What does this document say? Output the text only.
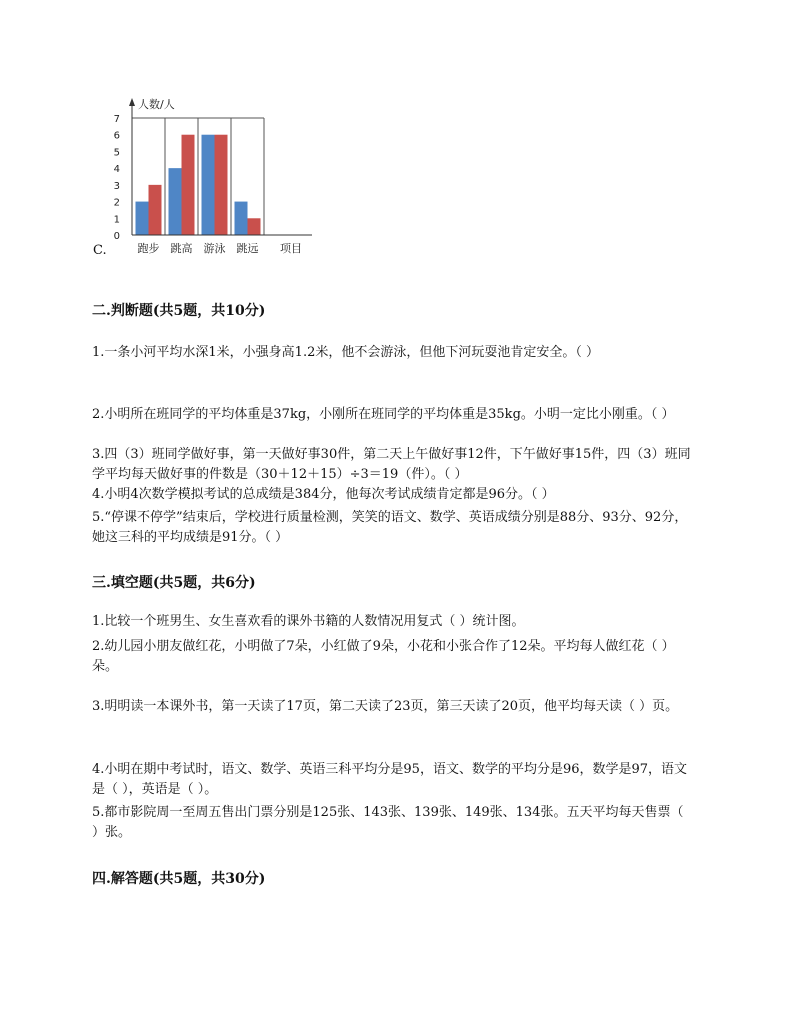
0
1
2
3
4
5
6
7
跑步 跳高 游泳 跳远
人数/人
项目
C.
二.判断题(共5题，共10分)

1.一条小河平均水深1米，小强身高1.2米，他不会游泳，但他下河玩耍池肯定安全。（ ）

2.小明所在班同学的平均体重是37kg，小刚所在班同学的平均体重是35kg。小明一定比小刚重。（ ）

3.四（3）班同学做好事，第一天做好事30件，第二天上午做好事12件，下午做好事15件，四（3）班同学平均每天做好事的件数是（30＋12＋15）÷3＝19（件）。（ ）

4.小明4次数学模拟考试的总成绩是384分，他每次考试成绩肯定都是96分。（ ）

5.“停课不停学”结束后，学校进行质量检测，笑笑的语文、数学、英语成绩分别是88分、93分、92分，她这三科的平均成绩是91分。（ ）

三.填空题(共5题，共6分)

1.比较一个班男生、女生喜欢看的课外书籍的人数情况用复式（ ）统计图。

2.幼儿园小朋友做红花，小明做了7朵，小红做了9朵，小花和小张合作了12朵。平均每人做红花（ ）朵。

3.明明读一本课外书，第一天读了17页，第二天读了23页，第三天读了20页，他平均每天读（ ）页。

4.小明在期中考试时，语文、数学、英语三科平均分是95，语文、数学的平均分是96，数学是97，语文是（ ），英语是（ ）。

5.都市影院周一至周五售出门票分别是125张、143张、139张、149张、134张。五天平均每天售票（ ）张。

四.解答题(共5题，共30分)
